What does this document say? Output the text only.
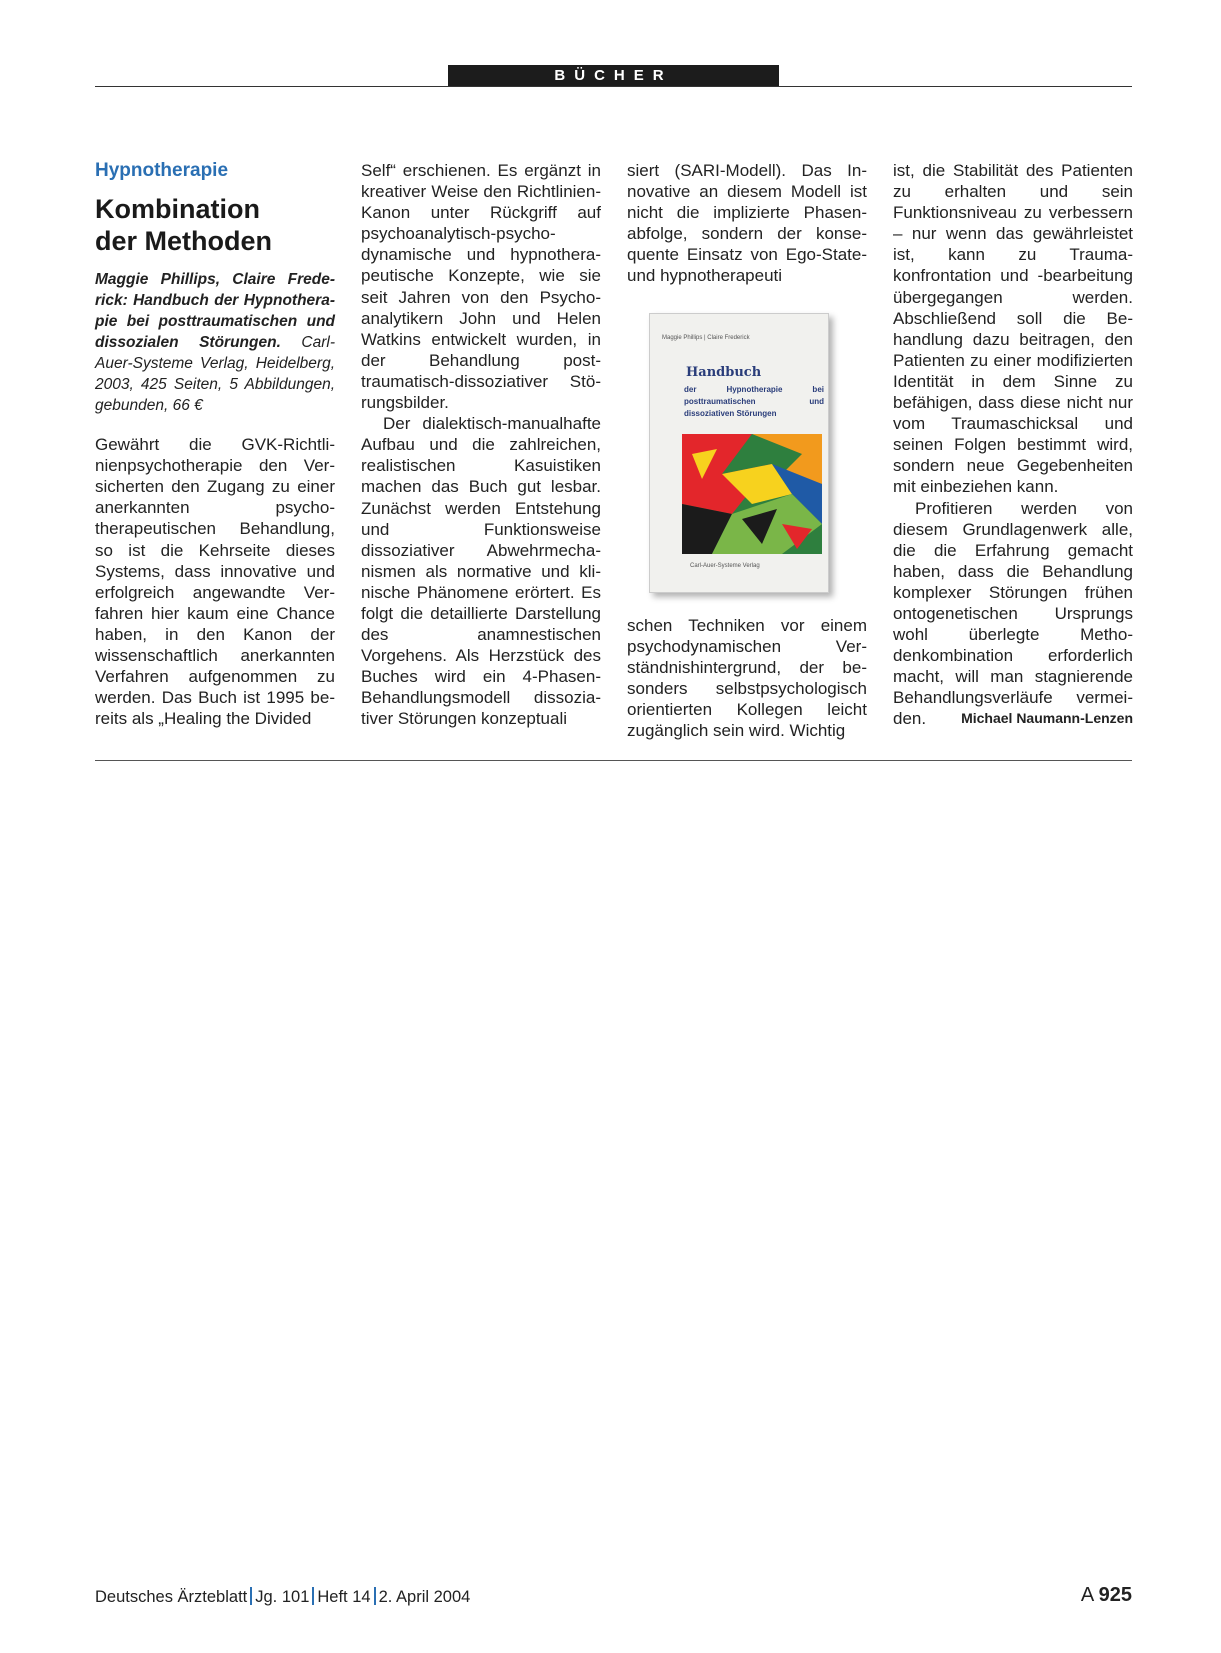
BÜCHER
Hypnotherapie
Kombination
der Methoden

Maggie Phillips, Claire Frederick: Handbuch der Hypnotherapie bei posttraumatischen und dissozialen Störungen. Carl-Auer-Systeme Verlag, Heidelberg, 2003, 425 Seiten, 5 Abbildungen, gebunden, 66 €

Gewährt die GVK-Richtlinienpsychotherapie den Versicherten den Zugang zu einer anerkannten psychotherapeutischen Behandlung, so ist die Kehrseite dieses Systems, dass innovative und erfolgreich angewandte Verfahren hier kaum eine Chance haben, in den Kanon der wissenschaftlich anerkannten Verfahren aufgenommen zu werden. Das Buch ist 1995 bereits als „Healing the Divided

Self“ erschienen. Es ergänzt in kreativer Weise den Richtlinien-Kanon unter Rückgriff auf psychoanalytisch-psychodynamische und hypnotherapeutische Konzepte, wie sie seit Jahren von den Psychoanalytikern John und Helen Watkins entwickelt wurden, in der Behandlung posttraumatisch-dissoziativer Störungsbilder.

Der dialektisch-manualhafte Aufbau und die zahlreichen, realistischen Kasuistiken machen das Buch gut lesbar. Zunächst werden Entstehung und Funktionsweise dissoziativer Abwehrmechanismen als normative und klinische Phänomene erörtert. Es folgt die detaillierte Darstellung des anamnestischen Vorgehens. Als Herzstück des Buches wird ein 4-Phasen-Behandlungsmodell dissoziativer Störungen konzeptuali

siert (SARI-Modell). Das Innovative an diesem Modell ist nicht die implizierte Phasenabfolge, sondern der konsequente Einsatz von Ego-State- und hypnotherapeuti

Maggie Phillips | Claire Frederick
Handbuch
der Hypnotherapie bei posttraumatischen und dissoziativen Störungen
Carl-Auer-Systeme Verlag

schen Techniken vor einem psychodynamischen Verständnishintergrund, der besonders selbstpsychologisch orientierten Kollegen leicht zugänglich sein wird. Wichtig

ist, die Stabilität des Patienten zu erhalten und sein Funktionsniveau zu verbessern – nur wenn das gewährleistet ist, kann zu Traumakonfrontation und -bearbeitung übergegangen werden. Abschließend soll die Behandlung dazu beitragen, den Patienten zu einer modifizierten Identität in dem Sinne zu befähigen, dass diese nicht nur vom Traumaschicksal und seinen Folgen bestimmt wird, sondern neue Gegebenheiten mit einbeziehen kann.

Profitieren werden von diesem Grundlagenwerk alle, die die Erfahrung gemacht haben, dass die Behandlung komplexer Störungen frühen ontogenetischen Ursprungs wohl überlegte Methodenkombination erforderlich macht, will man stagnierende Behandlungsverläufe vermeiden.	Michael Naumann-Lenzen

Deutsches Ärzteblatt Jg. 101 Heft 14 2. April 2004	A 925
